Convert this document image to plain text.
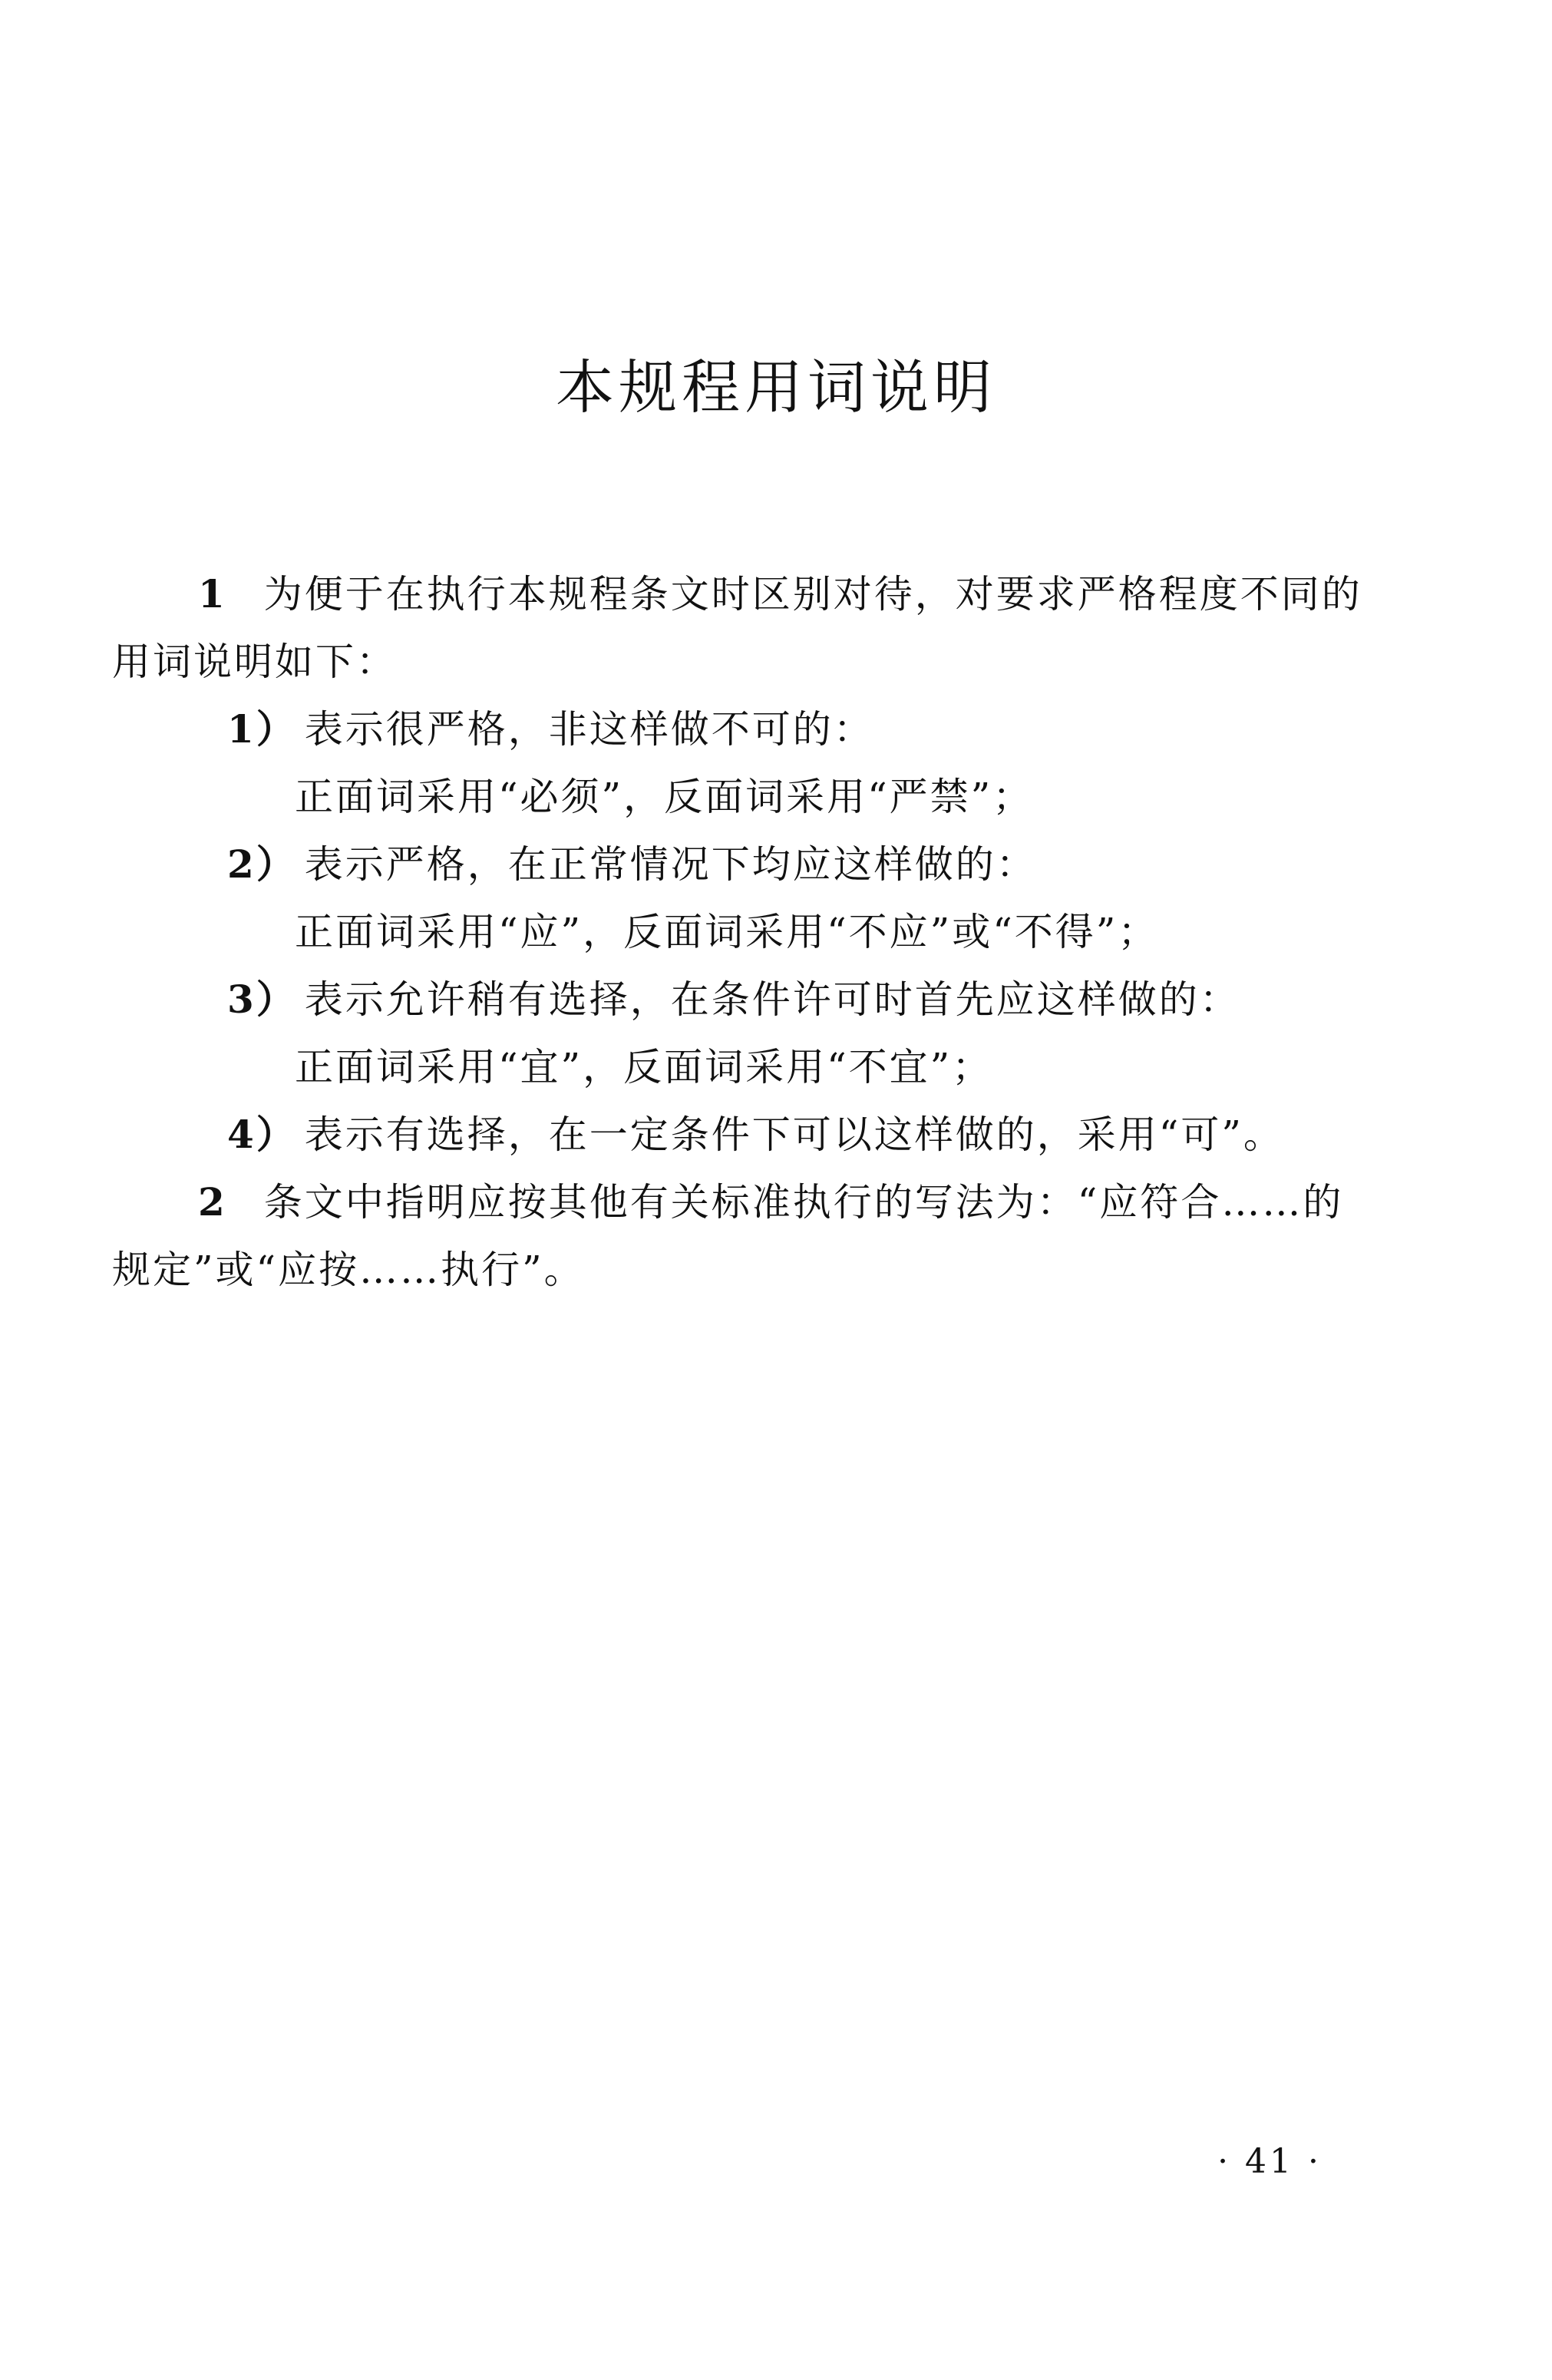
本规程用词说明

1 为便于在执行本规程条文时区别对待，对要求严格程度不同的用词说明如下：

1） 表示很严格，非这样做不可的：

正面词采用“必须”，反面词采用“严禁”；

2） 表示严格，在正常情况下均应这样做的：

正面词采用“应”，反面词采用“不应”或“不得”；

3） 表示允许稍有选择，在条件许可时首先应这样做的：

正面词采用“宜”，反面词采用“不宜”；

4） 表示有选择，在一定条件下可以这样做的，采用“可”。

2 条文中指明应按其他有关标准执行的写法为：“应符合……的规定”或“应按……执行”。

· 41 ·
